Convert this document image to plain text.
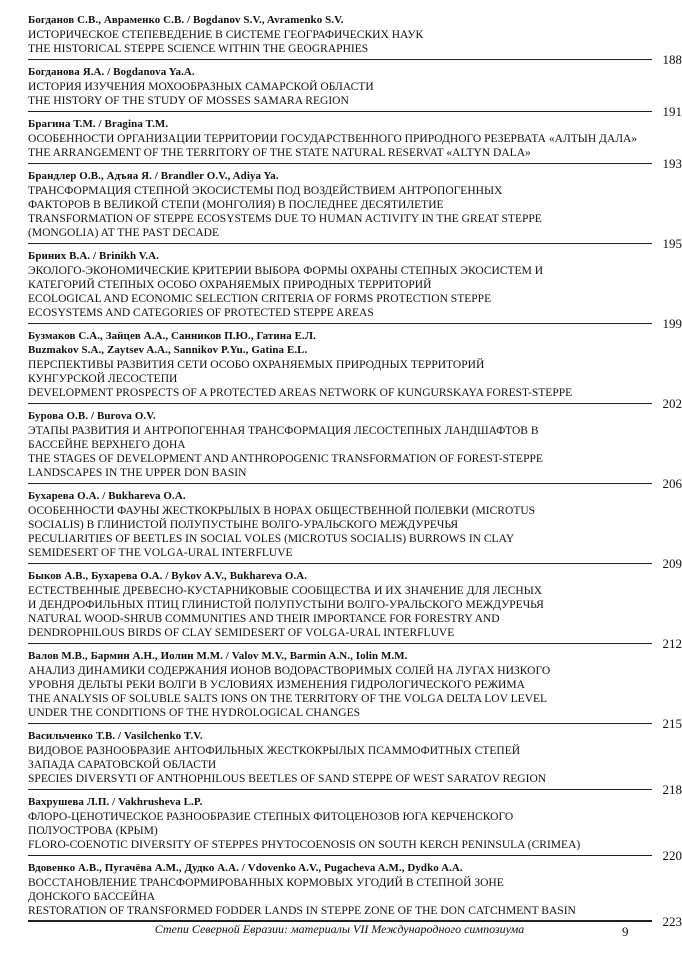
Богданов С.В., Авраменко С.В. / Bogdanov S.V., Avramenko S.V.
ИСТОРИЧЕСКОЕ СТЕПЕВЕДЕНИЕ В СИСТЕМЕ ГЕОГРАФИЧЕСКИХ НАУК
THE HISTORICAL STEPPE SCIENCE WITHIN THE GEOGRAPHIES
188
Богданова Я.А. / Bogdanova Ya.A.
ИСТОРИЯ ИЗУЧЕНИЯ МОХООБРАЗНЫХ САМАРСКОЙ ОБЛАСТИ
THE HISTORY OF THE STUDY OF MOSSES SAMARA REGION
191
Брагина Т.М. / Bragina T.M.
ОСОБЕННОСТИ ОРГАНИЗАЦИИ ТЕРРИТОРИИ ГОСУДАРСТВЕННОГО ПРИРОДНОГО РЕЗЕРВАТА «АЛТЫН ДАЛА»
THE ARRANGEMENT OF THE TERRITORY OF THE STATE NATURAL RESERVAT «ALTYN DALA»
193
Брандлер О.В., Адъяа Я. / Brandler O.V., Adiya Ya.
ТРАНСФОРМАЦИЯ СТЕПНОЙ ЭКОСИСТЕМЫ ПОД ВОЗДЕЙСТВИЕМ АНТРОПОГЕННЫХ
ФАКТОРОВ В ВЕЛИКОЙ СТЕПИ (МОНГОЛИЯ) В ПОСЛЕДНЕЕ ДЕСЯТИЛЕТИЕ
TRANSFORMATION OF STEPPE ECOSYSTEMS DUE TO HUMAN ACTIVITY IN THE GREAT STEPPE
(MONGOLIA) AT THE PAST DECADE
195
Бриних В.А. / Brinikh V.A.
ЭКОЛОГО-ЭКОНОМИЧЕСКИЕ КРИТЕРИИ ВЫБОРА ФОРМЫ ОХРАНЫ СТЕПНЫХ ЭКОСИСТЕМ И
КАТЕГОРИЙ СТЕПНЫХ ОСОБО ОХРАНЯЕМЫХ ПРИРОДНЫХ ТЕРРИТОРИЙ
ECOLOGICAL AND ECONOMIC SELECTION CRITERIA OF FORMS PROTECTION STEPPE
ECOSYSTEMS AND CATEGORIES OF PROTECTED STEPPE AREAS
199
Бузмаков С.А., Зайцев А.А., Санников П.Ю., Гатина Е.Л.
Buzmakov S.A., Zaytsev A.A., Sannikov P.Yu., Gatina E.L.
ПЕРСПЕКТИВЫ РАЗВИТИЯ СЕТИ ОСОБО ОХРАНЯЕМЫХ ПРИРОДНЫХ ТЕРРИТОРИЙ
КУНГУРСКОЙ ЛЕСОСТЕПИ
DEVELOPMENT PROSPECTS OF A PROTECTED AREAS NETWORK OF KUNGURSKAYA FOREST-STEPPE
202
Бурова О.В. / Burova O.V.
ЭТАПЫ РАЗВИТИЯ И АНТРОПОГЕННАЯ ТРАНСФОРМАЦИЯ ЛЕСОСТЕПНЫХ ЛАНДШАФТОВ В
БАССЕЙНЕ ВЕРХНЕГО ДОНА
THE STAGES OF DEVELOPMENT AND ANTHROPOGENIC TRANSFORMATION OF FOREST-STEPPE
LANDSCAPES IN THE UPPER DON BASIN
206
Бухарева О.А. / Bukhareva O.A.
ОСОБЕННОСТИ ФАУНЫ ЖЕСТКОКРЫЛЫХ В НОРАХ ОБЩЕСТВЕННОЙ ПОЛЕВКИ (MICROTUS
SOCIALIS) В ГЛИНИСТОЙ ПОЛУПУСТЫНЕ ВОЛГО-УРАЛЬСКОГО МЕЖДУРЕЧЬЯ
PECULIARITIES OF BEETLES IN SOCIAL VOLES (MICROTUS SOCIALIS) BURROWS IN CLAY
SEMIDESERT OF THE VOLGA-URAL INTERFLUVE
209
Быков А.В., Бухарева О.А. / Bykov A.V., Bukhareva O.A.
ЕСТЕСТВЕННЫЕ ДРЕВЕСНО-КУСТАРНИКОВЫЕ СООБЩЕСТВА И ИХ ЗНАЧЕНИЕ ДЛЯ ЛЕСНЫХ
И ДЕНДРОФИЛЬНЫХ ПТИЦ ГЛИНИСТОЙ ПОЛУПУСТЫНИ ВОЛГО-УРАЛЬСКОГО МЕЖДУРЕЧЬЯ
NATURAL WOOD-SHRUB COMMUNITIES AND THEIR IMPORTANCE FOR FORESTRY AND
DENDROPHILOUS BIRDS OF CLAY SEMIDESERT OF VOLGA-URAL INTERFLUVE
212
Валов М.В., Бармин А.Н., Иолин М.М. / Valov M.V., Barmin A.N., Iolin M.M.
АНАЛИЗ ДИНАМИКИ СОДЕРЖАНИЯ ИОНОВ ВОДОРАСТВОРИМЫХ СОЛЕЙ НА ЛУГАХ НИЗКОГО
УРОВНЯ ДЕЛЬТЫ РЕКИ ВОЛГИ В УСЛОВИЯХ ИЗМЕНЕНИЯ ГИДРОЛОГИЧЕСКОГО РЕЖИМА
THE ANALYSIS OF SOLUBLE SALTS IONS ON THE TERRITORY OF THE VOLGA DELTA LOV LEVEL
UNDER THE CONDITIONS OF THE HYDROLOGICAL CHANGES
215
Васильченко Т.В. / Vasilchenko T.V.
ВИДОВОЕ РАЗНООБРАЗИЕ АНТОФИЛЬНЫХ ЖЕСТКОКРЫЛЫХ ПСАММОФИТНЫХ СТЕПЕЙ
ЗАПАДА САРАТОВСКОЙ ОБЛАСТИ
SPECIES DIVERSYTI OF ANTHOPHILOUS BEETLES OF SAND STEPPE OF WEST SARATOV REGION
218
Вахрушева Л.П. / Vakhrusheva L.P.
ФЛОРО-ЦЕНОТИЧЕСКОЕ РАЗНООБРАЗИЕ СТЕПНЫХ ФИТОЦЕНОЗОВ ЮГА КЕРЧЕНСКОГО
ПОЛУОСТРОВА (КРЫМ)
FLORO-COENOTIC DIVERSITY OF STEPPES PHYTOCOENOSIS ON SOUTH KERCH PENINSULA (CRIMEA)
220
Вдовенко А.В., Пугачёва А.М., Дудко А.А. / Vdovenko A.V., Pugacheva A.M., Dydko A.A.
ВОССТАНОВЛЕНИЕ ТРАНСФОРМИРОВАННЫХ КОРМОВЫХ УГОДИЙ В СТЕПНОЙ ЗОНЕ
ДОНСКОГО БАССЕЙНА
RESTORATION OF TRANSFORMED FODDER LANDS IN STEPPE ZONE OF THE DON CATCHMENT BASIN
223
Степи Северной Евразии: материалы VII Международного симпозиума	9
